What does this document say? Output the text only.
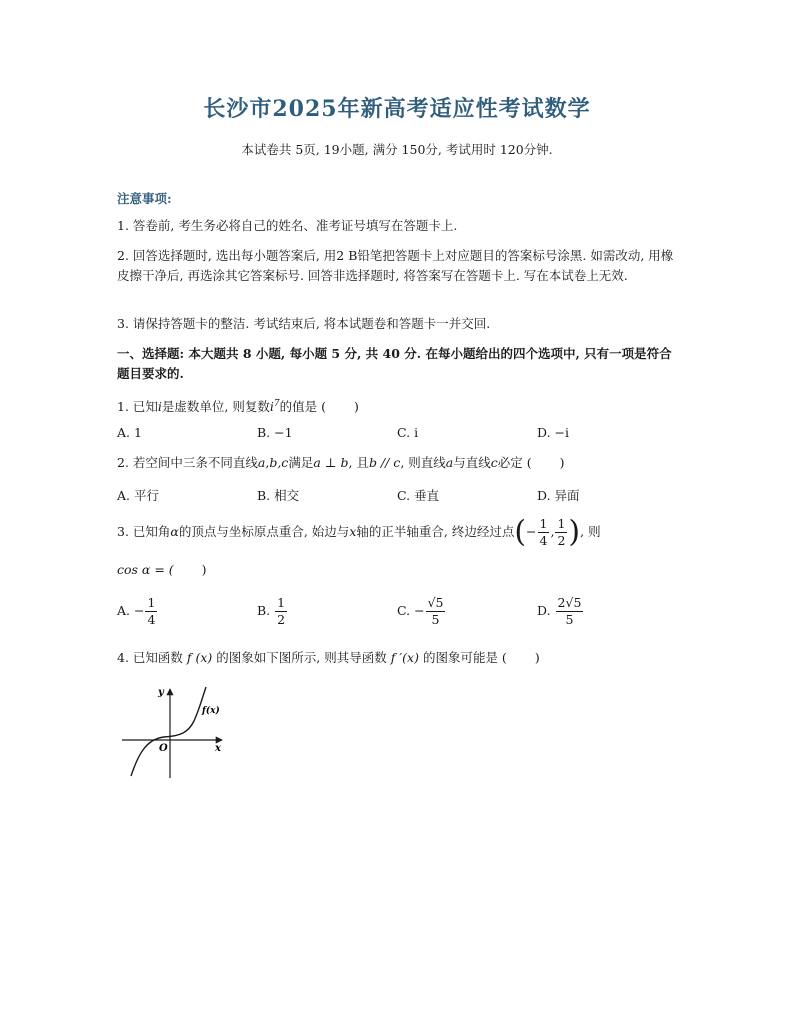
长沙市2025年新高考适应性考试数学
本试卷共 5页, 19小题, 满分 150分, 考试用时 120分钟.
注意事项:
1. 答卷前, 考生务必将自己的姓名、准考证号填写在答题卡上.
2. 回答选择题时, 选出每小题答案后, 用2 B铅笔把答题卡上对应题目的答案标号涂黑. 如需改动, 用橡皮擦干净后, 再选涂其它答案标号. 回答非选择题时, 将答案写在答题卡上. 写在本试卷上无效.
3. 请保持答题卡的整洁. 考试结束后, 将本试题卷和答题卡一并交回.
一、选择题: 本大题共 8 小题, 每小题 5 分, 共 40 分. 在每小题给出的四个选项中, 只有一项是符合题目要求的.
1. 已知i是虚数单位, 则复数$i^7$的值是 ( )
A. 1	B. −1	C. i	D. −i
2. 若空间中三条不同直线a,b,c满足a ⊥ b, 且b // c, 则直线a与直线c必定 ( )
A. 平行	B. 相交	C. 垂直	D. 异面
3. 已知角α的顶点与坐标原点重合, 始边与x轴的正半轴重合, 终边经过点(− $\frac{1}{4}$ , $\frac{1}{2}$ ), 则
cos α = ( )
A. − $\frac{1}{4}$	B. $\frac{1}{2}$	C. − $\frac{√5}{5}$	D. $\frac{2√5}{5}$
4. 已知函数 f (x) 的图象如下图所示, 则其导函数 f ′(x) 的图象可能是 ( )
y
x
O
f(x)
